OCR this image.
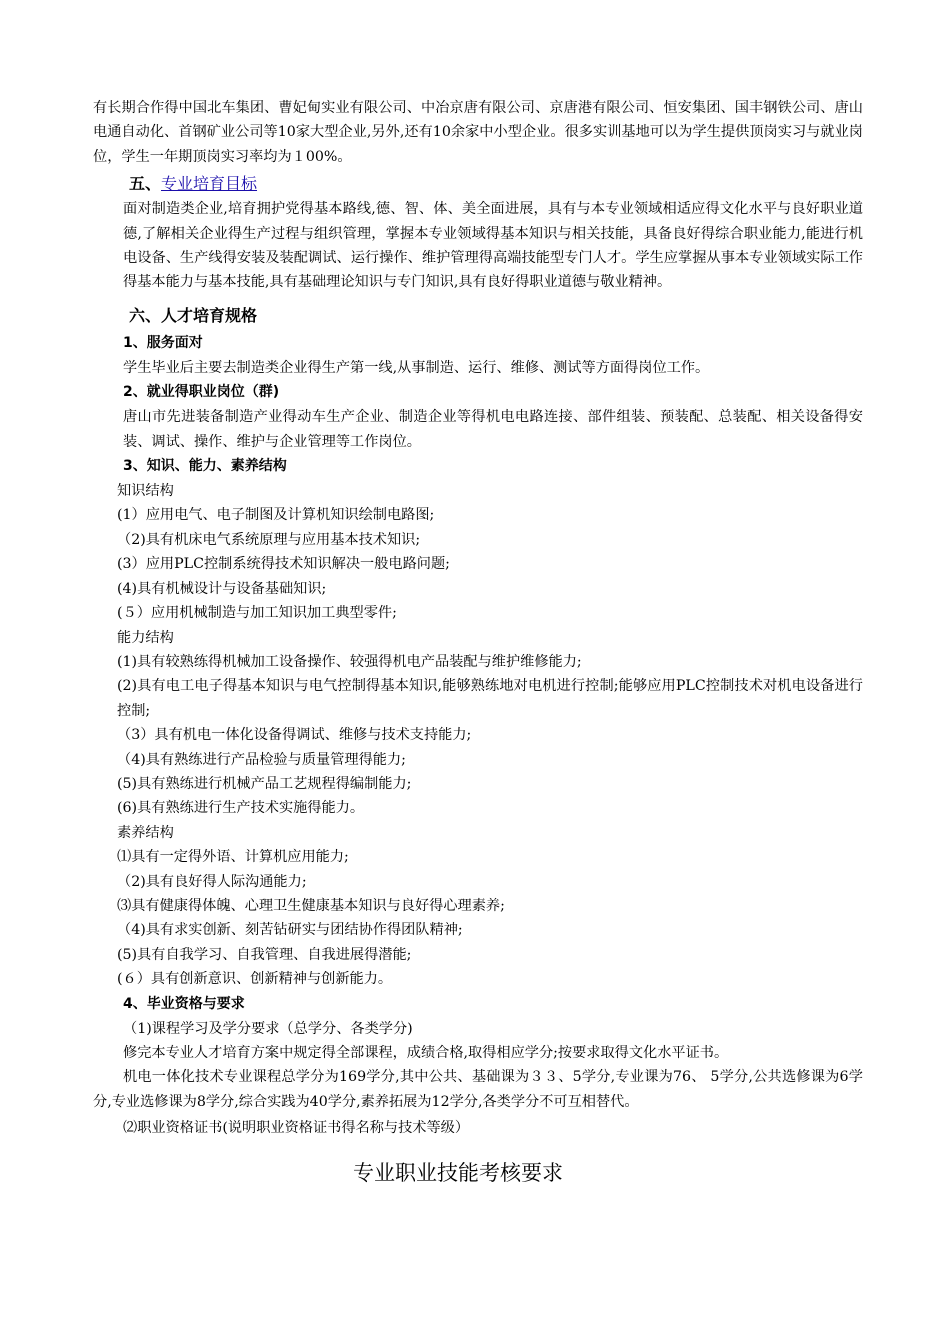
有长期合作得中国北车集团、曹妃甸实业有限公司、中冶京唐有限公司、京唐港有限公司、恒安集团、国丰钢铁公司、唐山电通自动化、首钢矿业公司等10家大型企业,另外,还有10余家中小型企业。很多实训基地可以为学生提供顶岗实习与就业岗位，学生一年期顶岗实习率均为１00%。

五、专业培育目标

面对制造类企业,培育拥护党得基本路线,德、智、体、美全面进展，具有与本专业领域相适应得文化水平与良好职业道德,了解相关企业得生产过程与组织管理，掌握本专业领域得基本知识与相关技能，具备良好得综合职业能力,能进行机电设备、生产线得安装及装配调试、运行操作、维护管理得高端技能型专门人才。学生应掌握从事本专业领域实际工作得基本能力与基本技能,具有基础理论知识与专门知识,具有良好得职业道德与敬业精神。

六、人才培育规格
1、服务面对

学生毕业后主要去制造类企业得生产第一线,从事制造、运行、维修、测试等方面得岗位工作。

2、就业得职业岗位（群)

唐山市先进装备制造产业得动车生产企业、制造企业等得机电电路连接、部件组装、预装配、总装配、相关设备得安装、调试、操作、维护与企业管理等工作岗位。

3、知识、能力、素养结构

知识结构

(1）应用电气、电子制图及计算机知识绘制电路图;

（2)具有机床电气系统原理与应用基本技术知识;

(3）应用PLC控制系统得技术知识解决一般电路问题;

(4)具有机械设计与设备基础知识;

(５）应用机械制造与加工知识加工典型零件;

能力结构

(1)具有较熟练得机械加工设备操作、较强得机电产品装配与维护维修能力;

(2)具有电工电子得基本知识与电气控制得基本知识,能够熟练地对电机进行控制;能够应用PLC控制技术对机电设备进行控制;

（3）具有机电一体化设备得调试、维修与技术支持能力;

（4)具有熟练进行产品检验与质量管理得能力;

(5)具有熟练进行机械产品工艺规程得编制能力;

(6)具有熟练进行生产技术实施得能力。

素养结构

⑴具有一定得外语、计算机应用能力;

（2)具有良好得人际沟通能力;

⑶具有健康得体魄、心理卫生健康基本知识与良好得心理素养;

（4)具有求实创新、刻苦钻研实与团结协作得团队精神;

(5)具有自我学习、自我管理、自我进展得潜能;

(６）具有创新意识、创新精神与创新能力。

4、毕业资格与要求

（1)课程学习及学分要求（总学分、各类学分)

修完本专业人才培育方案中规定得全部课程，成绩合格,取得相应学分;按要求取得文化水平证书。

机电一体化技术专业课程总学分为169学分,其中公共、基础课为３３、5学分,专业课为76、 5学分,公共选修课为6学分,专业选修课为8学分,综合实践为40学分,素养拓展为12学分,各类学分不可互相替代。

⑵职业资格证书(说明职业资格证书得名称与技术等级）

专业职业技能考核要求
